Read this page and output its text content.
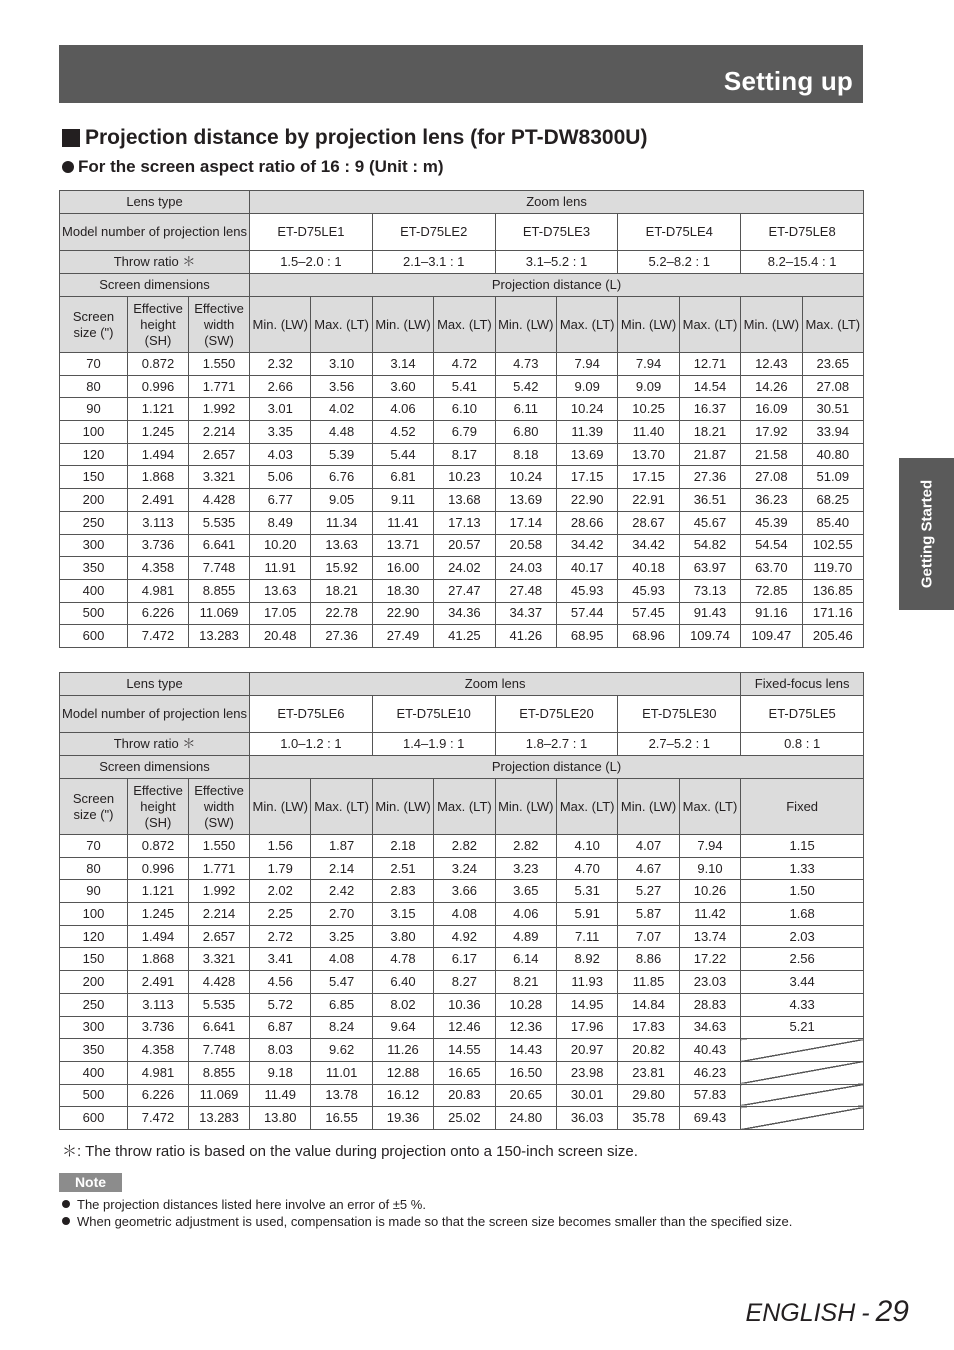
Setting up
Projection distance by projection lens (for PT-DW8300U)
For the screen aspect ratio of 16 : 9 (Unit : m)
Lens type			Zoom lens									
Model number of projection lens			ET-D75LE1		ET-D75LE2		ET-D75LE3		ET-D75LE4		ET-D75LE8	
Throw ratio ＊			1.5–2.0 : 1		2.1–3.1 : 1		3.1–5.2 : 1		5.2–8.2 : 1		8.2–15.4 : 1	
Screen dimensions			Projection distance (L)									
Screen size (")	Effective height (SH)	Effective width (SW)	Min. (LW)	Max. (LT)	Min. (LW)	Max. (LT)	Min. (LW)	Max. (LT)	Min. (LW)	Max. (LT)	Min. (LW)	Max. (LT)
70	0.872	1.550	2.32	3.10	3.14	4.72	4.73	7.94	7.94	12.71	12.43	23.65
80	0.996	1.771	2.66	3.56	3.60	5.41	5.42	9.09	9.09	14.54	14.26	27.08
90	1.121	1.992	3.01	4.02	4.06	6.10	6.11	10.24	10.25	16.37	16.09	30.51
100	1.245	2.214	3.35	4.48	4.52	6.79	6.80	11.39	11.40	18.21	17.92	33.94
120	1.494	2.657	4.03	5.39	5.44	8.17	8.18	13.69	13.70	21.87	21.58	40.80
150	1.868	3.321	5.06	6.76	6.81	10.23	10.24	17.15	17.15	27.36	27.08	51.09
200	2.491	4.428	6.77	9.05	9.11	13.68	13.69	22.90	22.91	36.51	36.23	68.25
250	3.113	5.535	8.49	11.34	11.41	17.13	17.14	28.66	28.67	45.67	45.39	85.40
300	3.736	6.641	10.20	13.63	13.71	20.57	20.58	34.42	34.42	54.82	54.54	102.55
350	4.358	7.748	11.91	15.92	16.00	24.02	24.03	40.17	40.18	63.97	63.70	119.70
400	4.981	8.855	13.63	18.21	18.30	27.47	27.48	45.93	45.93	73.13	72.85	136.85
500	6.226	11.069	17.05	22.78	22.90	34.36	34.37	57.44	57.45	91.43	91.16	171.16
600	7.472	13.283	20.48	27.36	27.49	41.25	41.26	68.95	68.96	109.74	109.47	205.46
Lens type			Zoom lens								Fixed-focus lens
Model number of projection lens			ET-D75LE6		ET-D75LE10		ET-D75LE20		ET-D75LE30		ET-D75LE5
Throw ratio ＊			1.0–1.2 : 1		1.4–1.9 : 1		1.8–2.7 : 1		2.7–5.2 : 1		0.8 : 1
Screen dimensions			Projection distance (L)								
Screen size (")	Effective height (SH)	Effective width (SW)	Min. (LW)	Max. (LT)	Min. (LW)	Max. (LT)	Min. (LW)	Max. (LT)	Min. (LW)	Max. (LT)	Fixed
70	0.872	1.550	1.56	1.87	2.18	2.82	2.82	4.10	4.07	7.94	1.15
80	0.996	1.771	1.79	2.14	2.51	3.24	3.23	4.70	4.67	9.10	1.33
90	1.121	1.992	2.02	2.42	2.83	3.66	3.65	5.31	5.27	10.26	1.50
100	1.245	2.214	2.25	2.70	3.15	4.08	4.06	5.91	5.87	11.42	1.68
120	1.494	2.657	2.72	3.25	3.80	4.92	4.89	7.11	7.07	13.74	2.03
150	1.868	3.321	3.41	4.08	4.78	6.17	6.14	8.92	8.86	17.22	2.56
200	2.491	4.428	4.56	5.47	6.40	8.27	8.21	11.93	11.85	23.03	3.44
250	3.113	5.535	5.72	6.85	8.02	10.36	10.28	14.95	14.84	28.83	4.33
300	3.736	6.641	6.87	8.24	9.64	12.46	12.36	17.96	17.83	34.63	5.21
350	4.358	7.748	8.03	9.62	11.26	14.55	14.43	20.97	20.82	40.43	
400	4.981	8.855	9.18	11.01	12.88	16.65	16.50	23.98	23.81	46.23	
500	6.226	11.069	11.49	13.78	16.12	20.83	20.65	30.01	29.80	57.83	
600	7.472	13.283	13.80	16.55	19.36	25.02	24.80	36.03	35.78	69.43	
＊: The throw ratio is based on the value during projection onto a 150-inch screen size.
Note
The projection distances listed here involve an error of ±5 %.
When geometric adjustment is used, compensation is made so that the screen size becomes smaller than the specified size.
Getting Started
ENGLISH - 29
